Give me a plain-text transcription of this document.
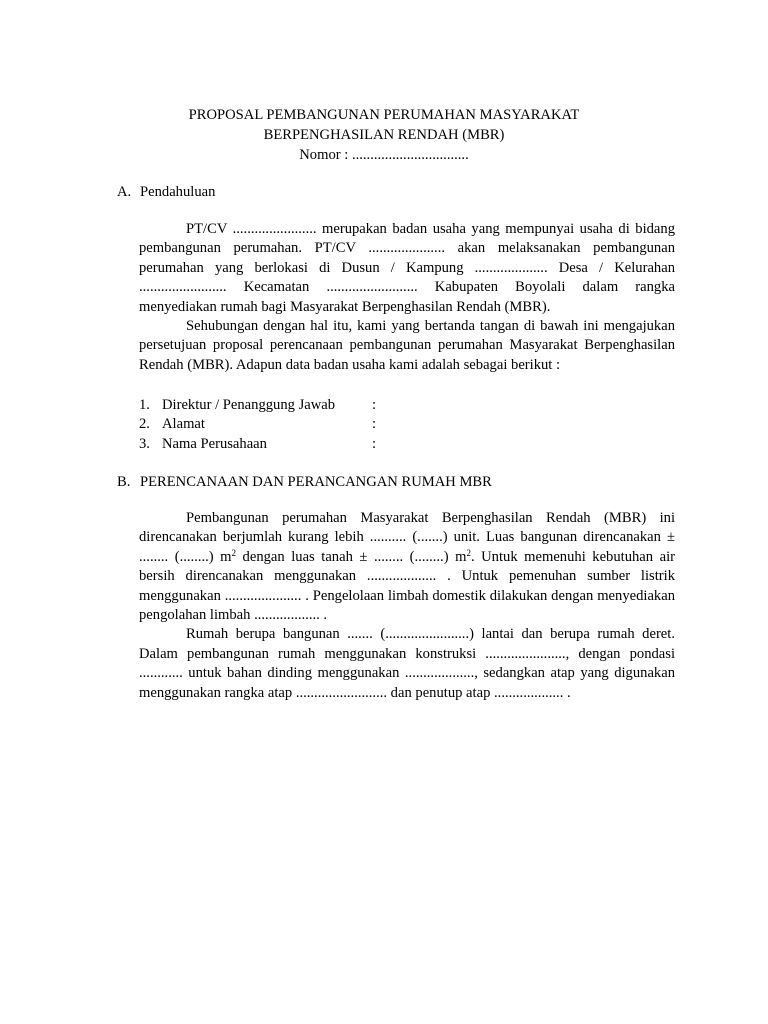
PROPOSAL PEMBANGUNAN PERUMAHAN MASYARAKAT
BERPENGHASILAN RENDAH (MBR)
Nomor : ................................
A. Pendahuluan

PT/CV ....................... merupakan badan usaha yang mempunyai usaha di bidang pembangunan perumahan. PT/CV ..................... akan melaksanakan pembangunan perumahan yang berlokasi di Dusun / Kampung .................... Desa / Kelurahan ........................ Kecamatan ......................... Kabupaten Boyolali dalam rangka menyediakan rumah bagi Masyarakat Berpenghasilan Rendah (MBR).

Sehubungan dengan hal itu, kami yang bertanda tangan di bawah ini mengajukan persetujuan proposal perencanaan pembangunan perumahan Masyarakat Berpenghasilan Rendah (MBR). Adapun data badan usaha kami adalah sebagai berikut :

1. Direktur / Penanggung Jawab	:
2. Alamat	:
3. Nama Perusahaan	:
B. PERENCANAAN DAN PERANCANGAN RUMAH MBR

Pembangunan perumahan Masyarakat Berpenghasilan Rendah (MBR) ini direncanakan berjumlah kurang lebih .......... (.......) unit. Luas bangunan direncanakan ± ........ (........) $m^2$ dengan luas tanah ± ........ (........) $m^2$. Untuk memenuhi kebutuhan air bersih direncanakan menggunakan ................... . Untuk pemenuhan sumber listrik menggunakan ..................... . Pengelolaan limbah domestik dilakukan dengan menyediakan pengolahan limbah .................. .

Rumah berupa bangunan ....... (.......................) lantai dan berupa rumah deret. Dalam pembangunan rumah menggunakan konstruksi ......................, dengan pondasi ............ untuk bahan dinding menggunakan ..................., sedangkan atap yang digunakan menggunakan rangka atap ......................... dan penutup atap ................... .
